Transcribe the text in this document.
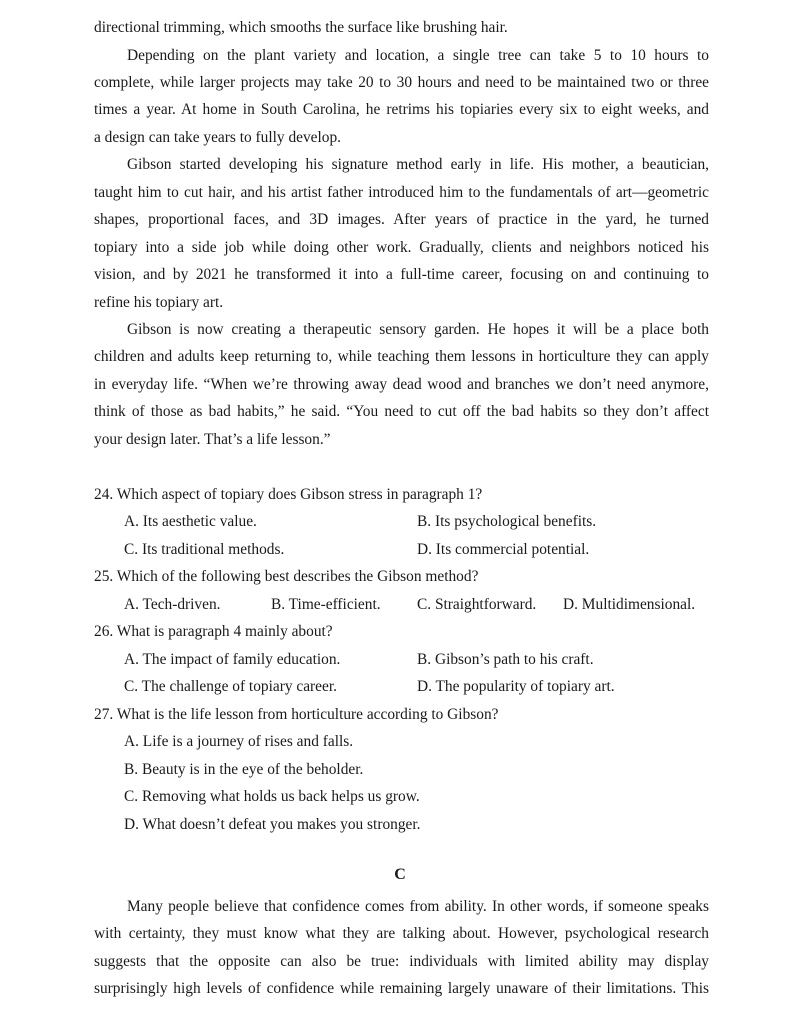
directional trimming, which smooths the surface like brushing hair.
Depending on the plant variety and location, a single tree can take 5 to 10 hours to
complete, while larger projects may take 20 to 30 hours and need to be maintained two or three
times a year. At home in South Carolina, he retrims his topiaries every six to eight weeks, and
a design can take years to fully develop.
Gibson started developing his signature method early in life. His mother, a beautician,
taught him to cut hair, and his artist father introduced him to the fundamentals of art—geometric
shapes, proportional faces, and 3D images. After years of practice in the yard, he turned
topiary into a side job while doing other work. Gradually, clients and neighbors noticed his
vision, and by 2021 he transformed it into a full-time career, focusing on and continuing to
refine his topiary art.
Gibson is now creating a therapeutic sensory garden. He hopes it will be a place both
children and adults keep returning to, while teaching them lessons in horticulture they can apply
in everyday life. “When we’re throwing away dead wood and branches we don’t need anymore,
think of those as bad habits,” he said. “You need to cut off the bad habits so they don’t affect
your design later. That’s a life lesson.”
24. Which aspect of topiary does Gibson stress in paragraph 1?
A. Its aesthetic value.	B. Its psychological benefits.
C. Its traditional methods.	D. Its commercial potential.
25. Which of the following best describes the Gibson method?
A. Tech-driven.	B. Time-efficient.	C. Straightforward.	D. Multidimensional.
26. What is paragraph 4 mainly about?
A. The impact of family education.	B. Gibson’s path to his craft.
C. The challenge of topiary career.	D. The popularity of topiary art.
27. What is the life lesson from horticulture according to Gibson?
A. Life is a journey of rises and falls.
B. Beauty is in the eye of the beholder.
C. Removing what holds us back helps us grow.
D. What doesn’t defeat you makes you stronger.
C
Many people believe that confidence comes from ability. In other words, if someone speaks
with certainty, they must know what they are talking about. However, psychological research
suggests that the opposite can also be true: individuals with limited ability may display
surprisingly high levels of confidence while remaining largely unaware of their limitations. This
